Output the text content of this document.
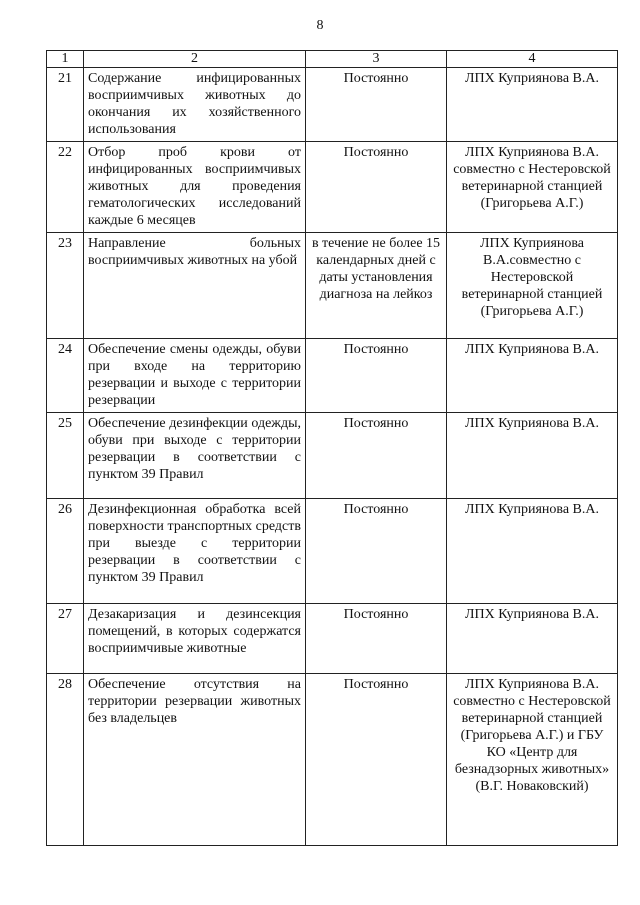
8
1	2	3	4
21	Содержание инфицированных восприимчивых животных до окончания их хозяйственного использования	Постоянно	ЛПХ Куприянова В.А.
22	Отбор проб крови от инфицированных восприимчивых животных для проведения гематологических исследований каждые 6 месяцев	Постоянно	ЛПХ Куприянова В.А. совместно с Нестеровской ветеринарной станцией (Григорьева А.Г.)
23	Направление больных восприимчивых животных на убой	в течение не более 15 календарных дней с даты установления диагноза на лейкоз	ЛПХ Куприянова В.А.совместно с Нестеровской ветеринарной станцией (Григорьева А.Г.)
24	Обеспечение смены одежды, обуви при входе на территорию резервации и выходе с территории резервации	Постоянно	ЛПХ Куприянова В.А.
25	Обеспечение дезинфекции одежды, обуви при выходе с территории резервации в соответствии с пунктом 39 Правил	Постоянно	ЛПХ Куприянова В.А.
26	Дезинфекционная обработка всей поверхности транспортных средств при выезде с территории резервации в соответствии с пунктом 39 Правил	Постоянно	ЛПХ Куприянова В.А.
27	Дезакаризация и дезинсекция помещений, в которых содержатся восприимчивые животные	Постоянно	ЛПХ Куприянова В.А.
28	Обеспечение отсутствия на территории резервации животных без владельцев	Постоянно	ЛПХ Куприянова В.А. совместно с Нестеровской ветеринарной станцией (Григорьева А.Г.) и ГБУ КО «Центр для безнадзорных животных» (В.Г. Новаковский)
